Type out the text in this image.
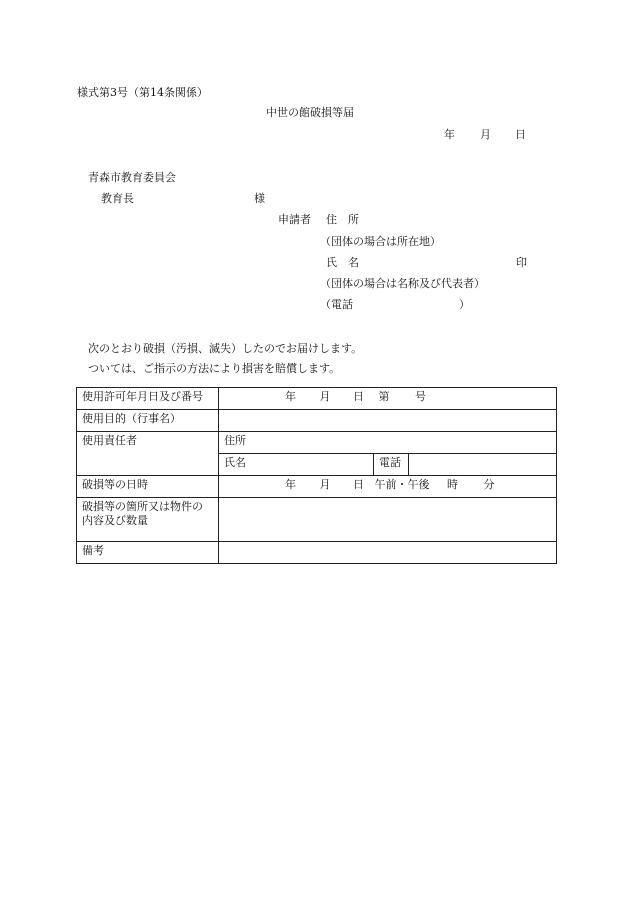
様式第3号（第14条関係）
中世の館破損等届
年 月 日
青森市教育委員会
教育長	様
申請者 住　所
（団体の場合は所在地）
氏　名	印
（団体の場合は名称及び代表者）
（電話	）
次のとおり破損（汚損、滅失）したのでお届けします。
ついては、ご指示の方法により損害を賠償します。
使用許可年月日及び番号	年 月 日 第 号		
使用目的（行事名）			
使用責任者	住所		
	氏名	電話	
破損等の日時	年 月 日 午前・午後 時 分		

破損等の箇所又は物件の
内容及び数量			

備考			
